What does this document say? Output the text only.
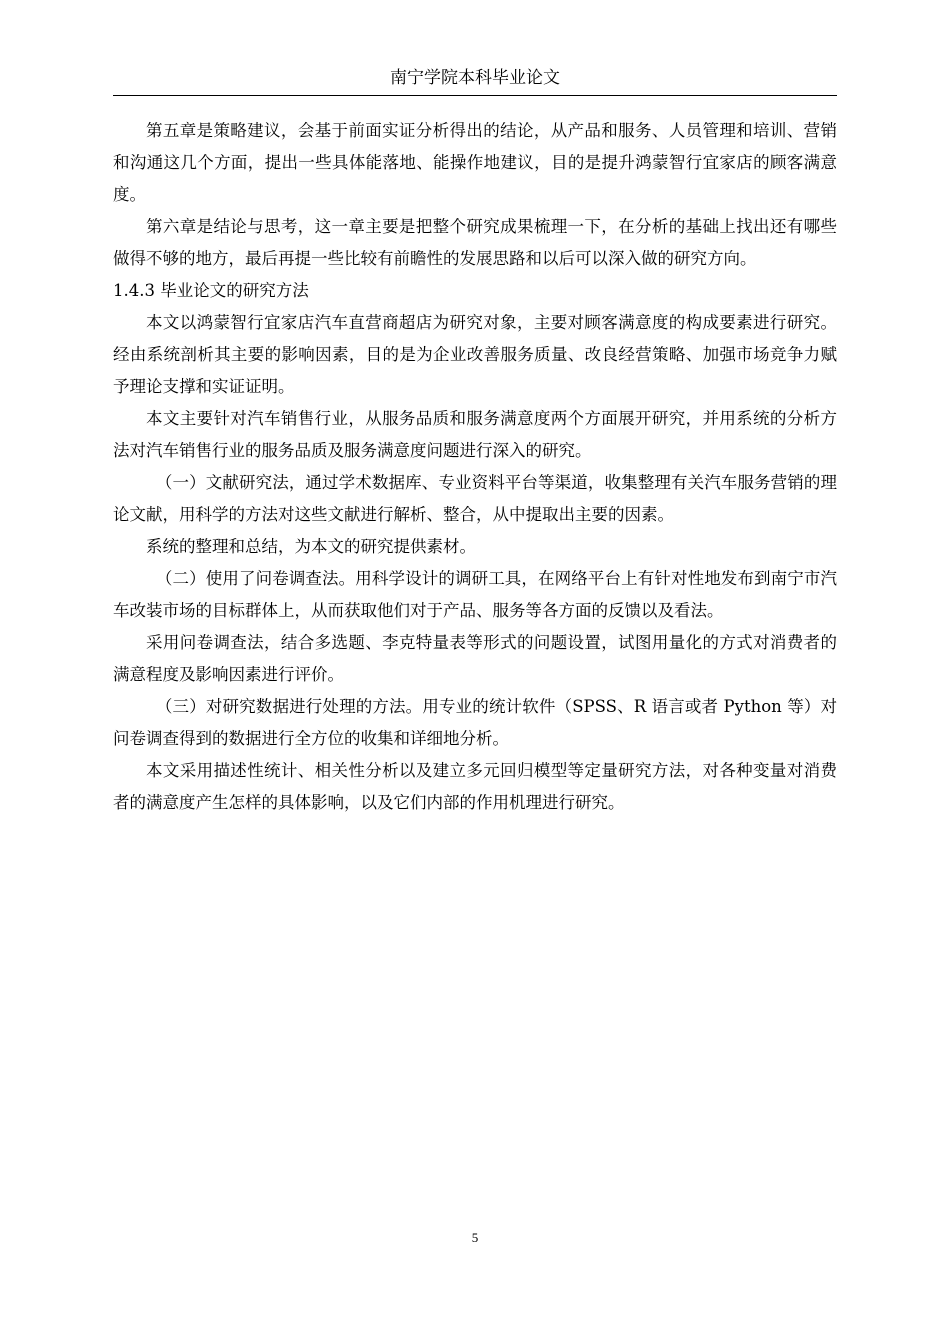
南宁学院本科毕业论文

第五章是策略建议，会基于前面实证分析得出的结论，从产品和服务、人员管理和培训、营销和沟通这几个方面，提出一些具体能落地、能操作地建议，目的是提升鸿蒙智行宜家店的顾客满意度。

第六章是结论与思考，这一章主要是把整个研究成果梳理一下，在分析的基础上找出还有哪些做得不够的地方，最后再提一些比较有前瞻性的发展思路和以后可以深入做的研究方向。

1.4.3 毕业论文的研究方法

本文以鸿蒙智行宜家店汽车直营商超店为研究对象，主要对顾客满意度的构成要素进行研究。经由系统剖析其主要的影响因素，目的是为企业改善服务质量、改良经营策略、加强市场竞争力赋予理论支撑和实证证明。

本文主要针对汽车销售行业，从服务品质和服务满意度两个方面展开研究，并用系统的分析方法对汽车销售行业的服务品质及服务满意度问题进行深入的研究。

（一）文献研究法，通过学术数据库、专业资料平台等渠道，收集整理有关汽车服务营销的理论文献，用科学的方法对这些文献进行解析、整合，从中提取出主要的因素。

系统的整理和总结，为本文的研究提供素材。

（二）使用了问卷调查法。用科学设计的调研工具，在网络平台上有针对性地发布到南宁市汽车改装市场的目标群体上，从而获取他们对于产品、服务等各方面的反馈以及看法。

采用问卷调查法，结合多选题、李克特量表等形式的问题设置，试图用量化的方式对消费者的满意程度及影响因素进行评价。

（三）对研究数据进行处理的方法。用专业的统计软件（SPSS、R 语言或者 Python 等）对问卷调查得到的数据进行全方位的收集和详细地分析。

本文采用描述性统计、相关性分析以及建立多元回归模型等定量研究方法，对各种变量对消费者的满意度产生怎样的具体影响，以及它们内部的作用机理进行研究。

5
